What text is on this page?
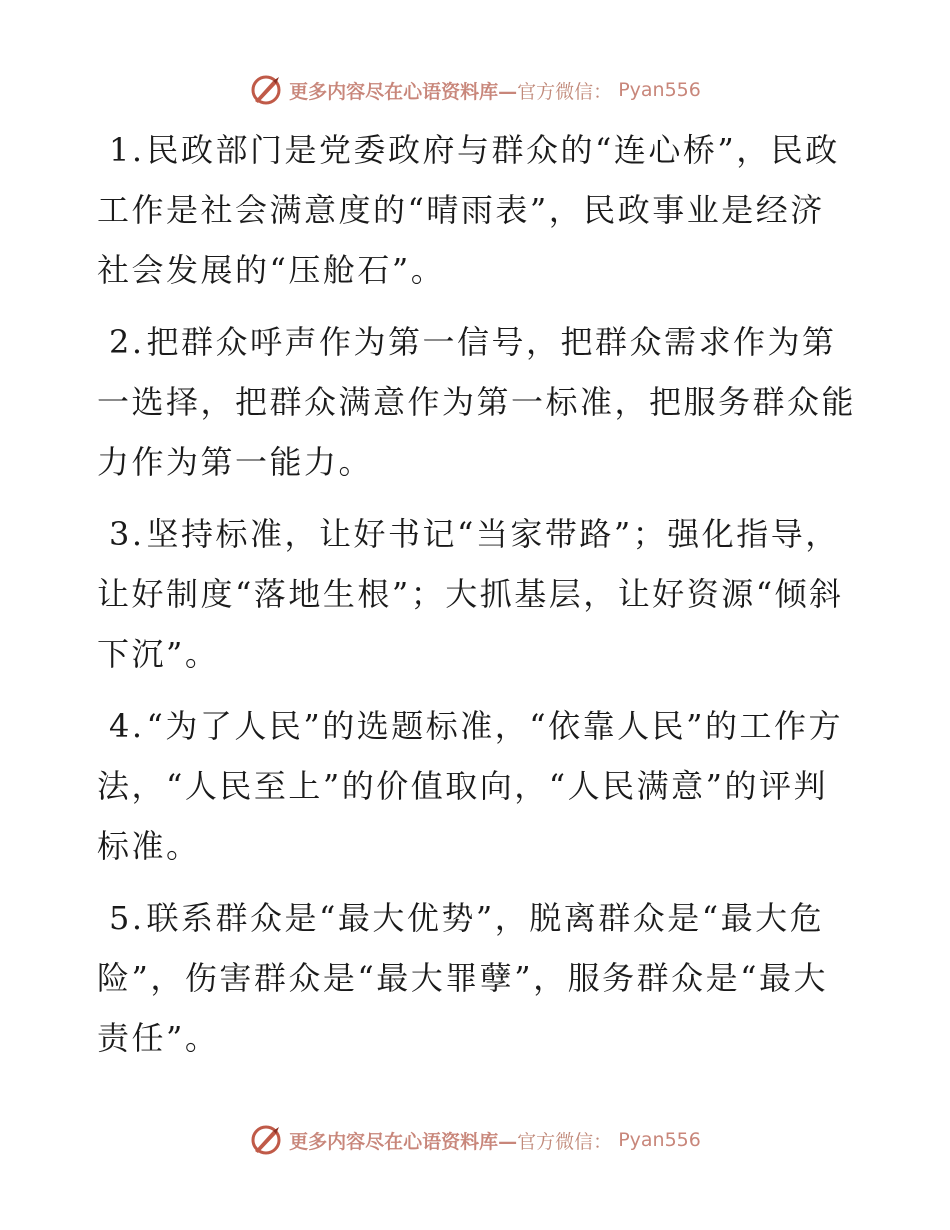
更多内容尽在心语资料库—官方微信： Pyan556

1.民政部门是党委政府与群众的“连心桥”，民政工作是社会满意度的“晴雨表”，民政事业是经济社会发展的“压舱石”。

2.把群众呼声作为第一信号，把群众需求作为第一选择，把群众满意作为第一标准，把服务群众能力作为第一能力。

3.坚持标准，让好书记“当家带路”；强化指导，让好制度“落地生根”；大抓基层，让好资源“倾斜下沉”。

4.“为了人民”的选题标准，“依靠人民”的工作方法，“人民至上”的价值取向，“人民满意”的评判标准。

5.联系群众是“最大优势”，脱离群众是“最大危险”，伤害群众是“最大罪孽”，服务群众是“最大责任”。

更多内容尽在心语资料库—官方微信： Pyan556
